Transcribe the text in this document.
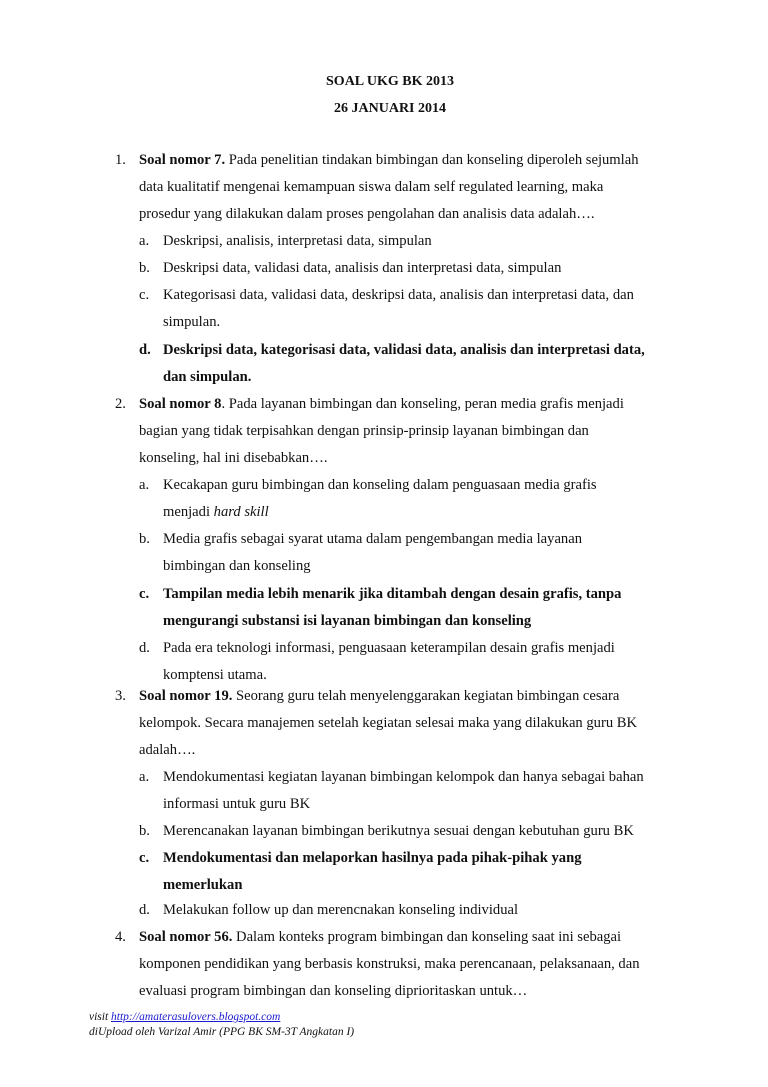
SOAL UKG BK 2013
26 JANUARI 2014
1. Soal nomor 7. Pada penelitian tindakan bimbingan dan konseling diperoleh sejumlah
data kualitatif mengenai kemampuan siswa dalam self regulated learning, maka
prosedur yang dilakukan dalam proses pengolahan dan analisis data adalah….
a. Deskripsi, analisis, interpretasi data, simpulan
b. Deskripsi data, validasi data, analisis dan interpretasi data, simpulan
c. Kategorisasi data, validasi data, deskripsi data, analisis dan interpretasi data, dan
simpulan.
d. Deskripsi data, kategorisasi data, validasi data, analisis dan interpretasi data,
dan simpulan.
2. Soal nomor 8. Pada layanan bimbingan dan konseling, peran media grafis menjadi
bagian yang tidak terpisahkan dengan prinsip-prinsip layanan bimbingan dan
konseling, hal ini disebabkan….
a. Kecakapan guru bimbingan dan konseling dalam penguasaan media grafis
menjadi hard skill
b. Media grafis sebagai syarat utama dalam pengembangan media layanan
bimbingan dan konseling
c. Tampilan media lebih menarik jika ditambah dengan desain grafis, tanpa
mengurangi substansi isi layanan bimbingan dan konseling
d. Pada era teknologi informasi, penguasaan keterampilan desain grafis menjadi
komptensi utama.
3. Soal nomor 19. Seorang guru telah menyelenggarakan kegiatan bimbingan cesara
kelompok. Secara manajemen setelah kegiatan selesai maka yang dilakukan guru BK
adalah….
a. Mendokumentasi kegiatan layanan bimbingan kelompok dan hanya sebagai bahan
informasi untuk guru BK
b. Merencanakan layanan bimbingan berikutnya sesuai dengan kebutuhan guru BK
c. Mendokumentasi dan melaporkan hasilnya pada pihak-pihak yang
memerlukan
d. Melakukan follow up dan merencnakan konseling individual
4. Soal nomor 56. Dalam konteks program bimbingan dan konseling saat ini sebagai
komponen pendidikan yang berbasis konstruksi, maka perencanaan, pelaksanaan, dan
evaluasi program bimbingan dan konseling diprioritaskan untuk…
visit http://amaterasulovers.blogspot.com
diUpload oleh Varizal Amir (PPG BK SM-3T Angkatan I)
